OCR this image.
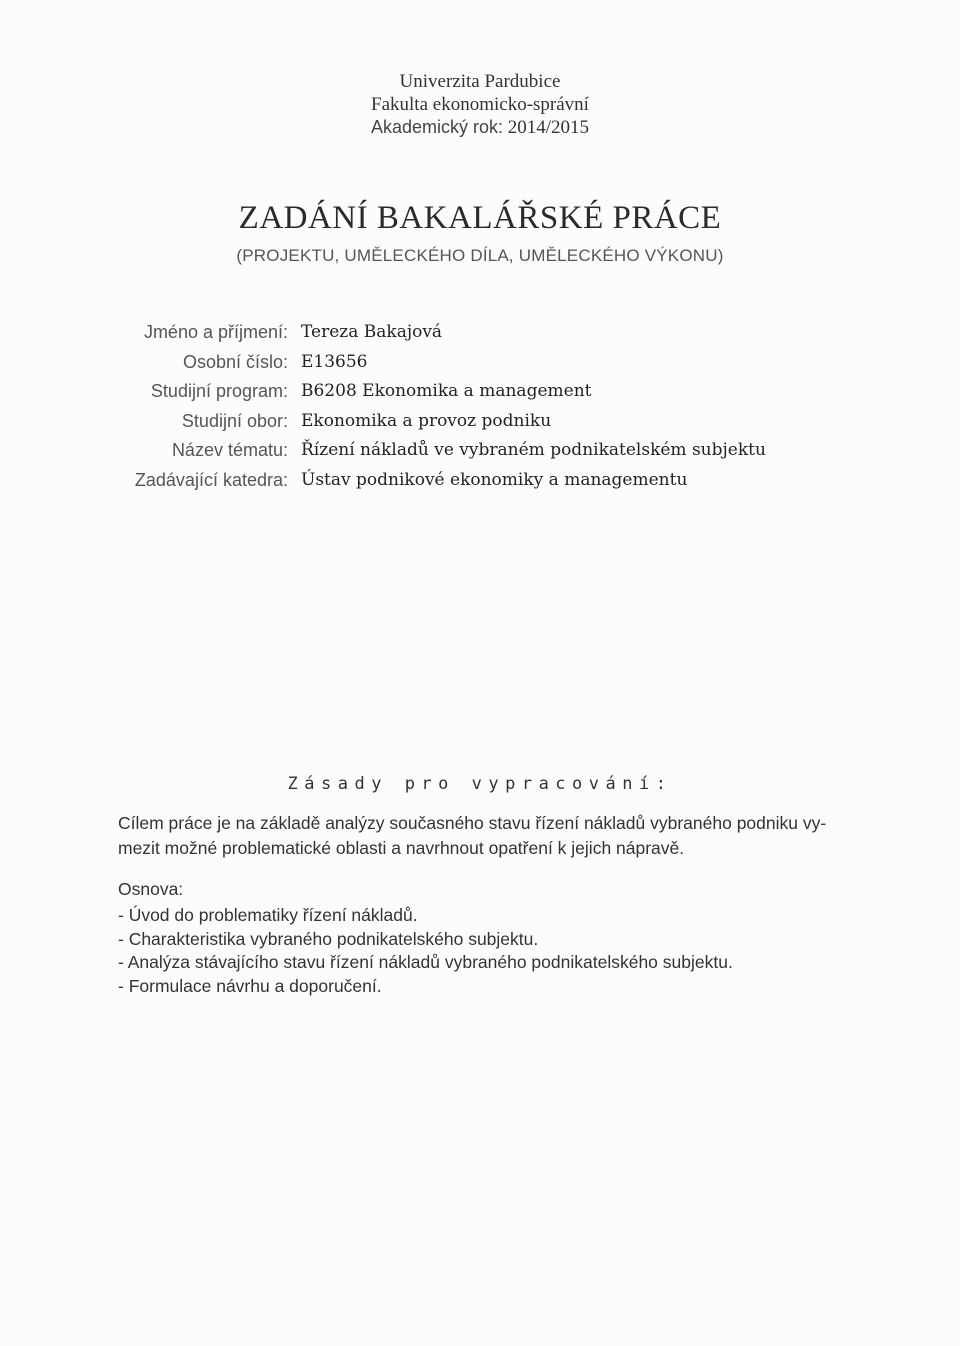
Univerzita Pardubice
Fakulta ekonomicko-správní
Akademický rok: 2014/2015
ZADÁNÍ BAKALÁŘSKÉ PRÁCE
(PROJEKTU, UMĚLECKÉHO DÍLA, UMĚLECKÉHO VÝKONU)
Jméno a příjmení: Tereza Bakajová
Osobní číslo: E13656
Studijní program: B6208 Ekonomika a management
Studijní obor: Ekonomika a provoz podniku
Název tématu: Řízení nákladů ve vybraném podnikatelském subjektu
Zadávající katedra: Ústav podnikové ekonomiky a managementu
Zásady pro vypracování:
Cílem práce je na základě analýzy současného stavu řízení nákladů vybraného podniku vy-
mezit možné problematické oblasti a navrhnout opatření k jejich nápravě.
Osnova:
- Úvod do problematiky řízení nákladů.
- Charakteristika vybraného podnikatelského subjektu.
- Analýza stávajícího stavu řízení nákladů vybraného podnikatelského subjektu.
- Formulace návrhu a doporučení.
